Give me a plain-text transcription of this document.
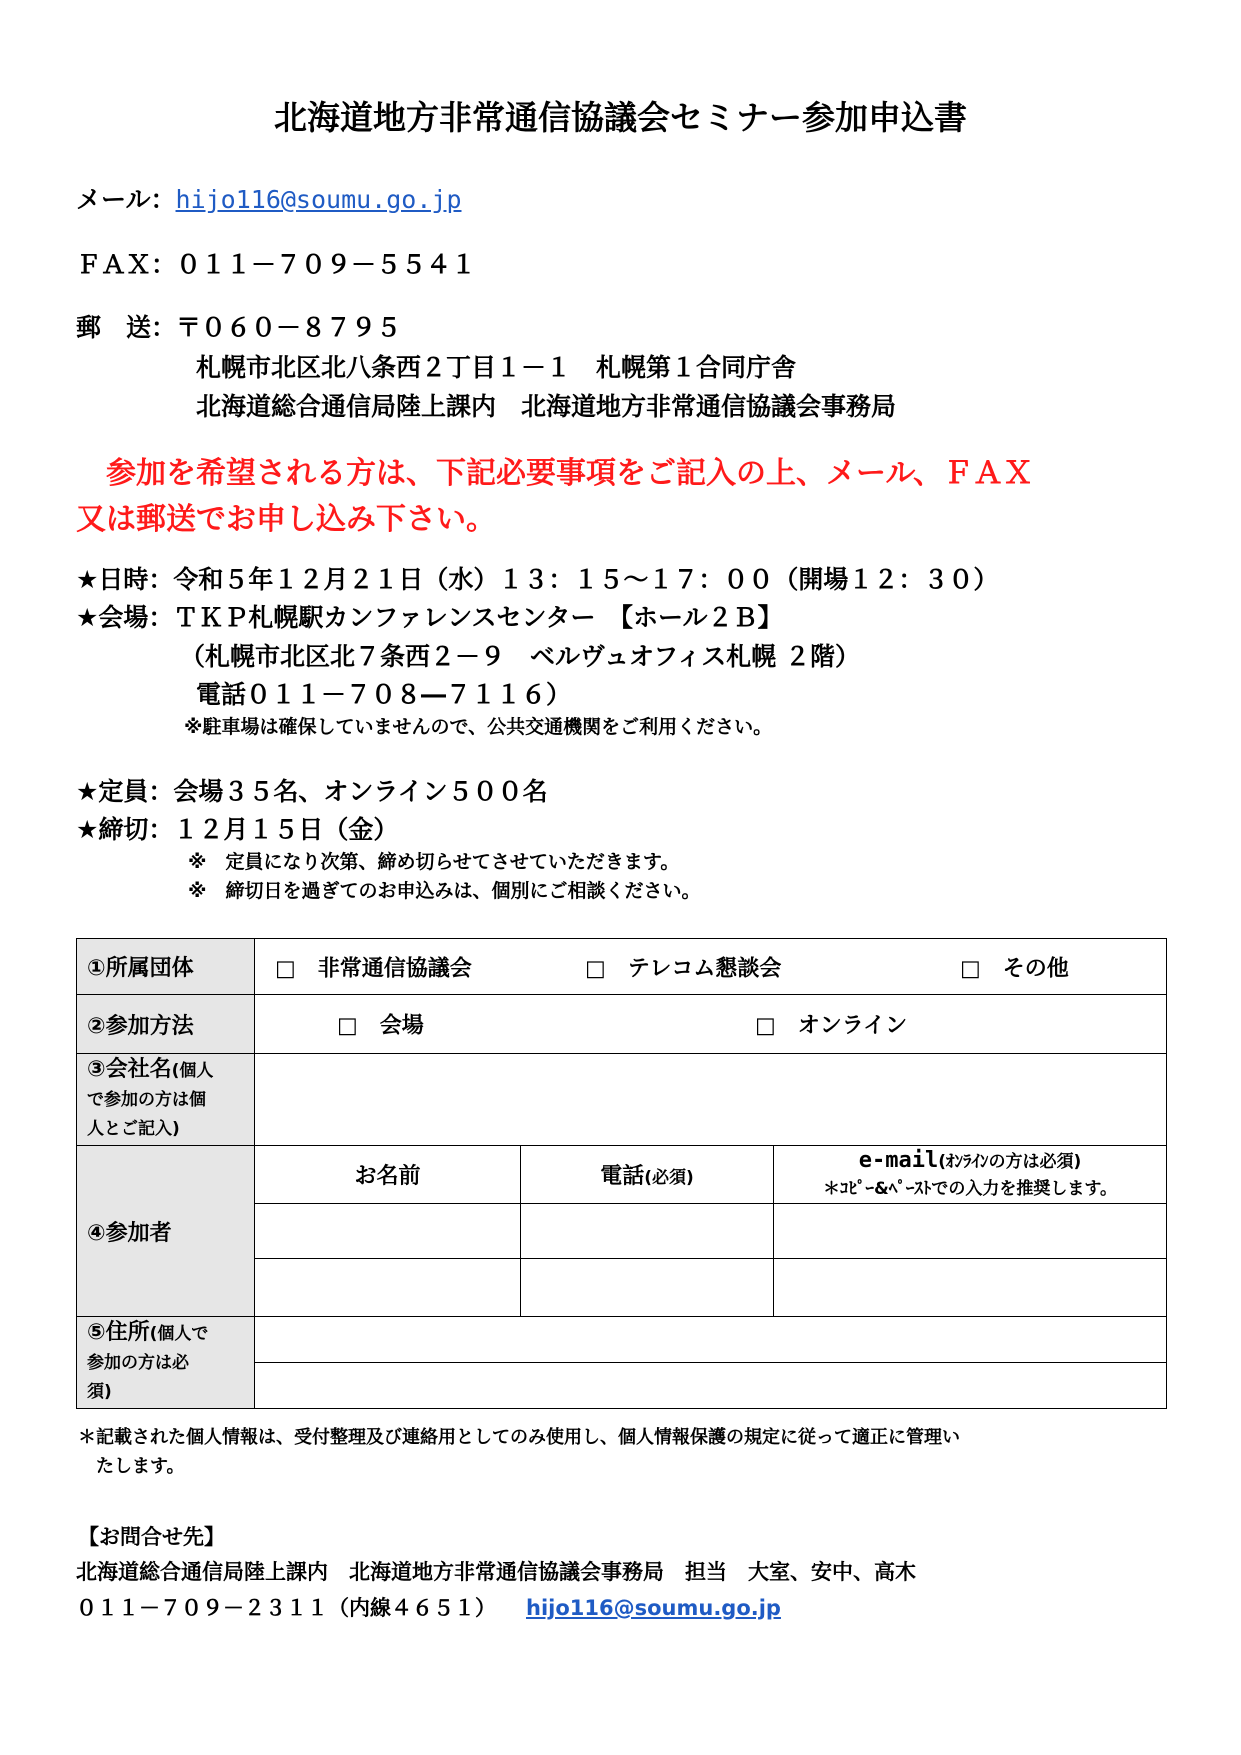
北海道地方非常通信協議会セミナー参加申込書
メール：hijo116@soumu.go.jp
ＦＡＸ：０１１－７０９－５５４１
郵　送：〒０６０－８７９５
札幌市北区北八条西２丁目１－１　札幌第１合同庁舎
北海道総合通信局陸上課内　北海道地方非常通信協議会事務局
　参加を希望される方は、下記必要事項をご記入の上、メール、ＦＡＸ
又は郵送でお申し込み下さい。
★日時：令和５年１２月２１日（水）１３：１５～１７：００（開場１２：３０）
★会場：ＴＫＰ札幌駅カンファレンスセンター　【ホール２Ｂ】
（札幌市北区北７条西２－９　ベルヴュオフィス札幌 ２階）
電話０１１－７０８―７１１６）
※駐車場は確保していませんので、公共交通機関をご利用ください。
★定員：会場３５名、オンライン５００名
★締切：１２月１５日（金）
※　定員になり次第、締め切らせてさせていただきます。
※　締切日を過ぎてのお申込みは、個別にご相談ください。
①所属団体	□ 非常通信協議会 □ テレコム懇談会 □ その他		

②参加方法	□ 会場 □ オンライン		

③会社名(個人
で参加の方は個
人とご記入)			
④参加者	お名前	電話(必須)	e-mail(ｵﾝﾗｲﾝの方は必須)
＊ｺﾋﾟｰ&ﾍﾟｰｽﾄでの入力を推奨します。

⑤住所(個人で
参加の方は必
須)			

＊記載された個人情報は、受付整理及び連絡用としてのみ使用し、個人情報保護の規定に従って適正に管理い
たします。
【お問合せ先】
北海道総合通信局陸上課内　北海道地方非常通信協議会事務局　担当　大室、安中、高木
０１１－７０９－２３１１（内線４６５１） hijo116@soumu.go.jp
